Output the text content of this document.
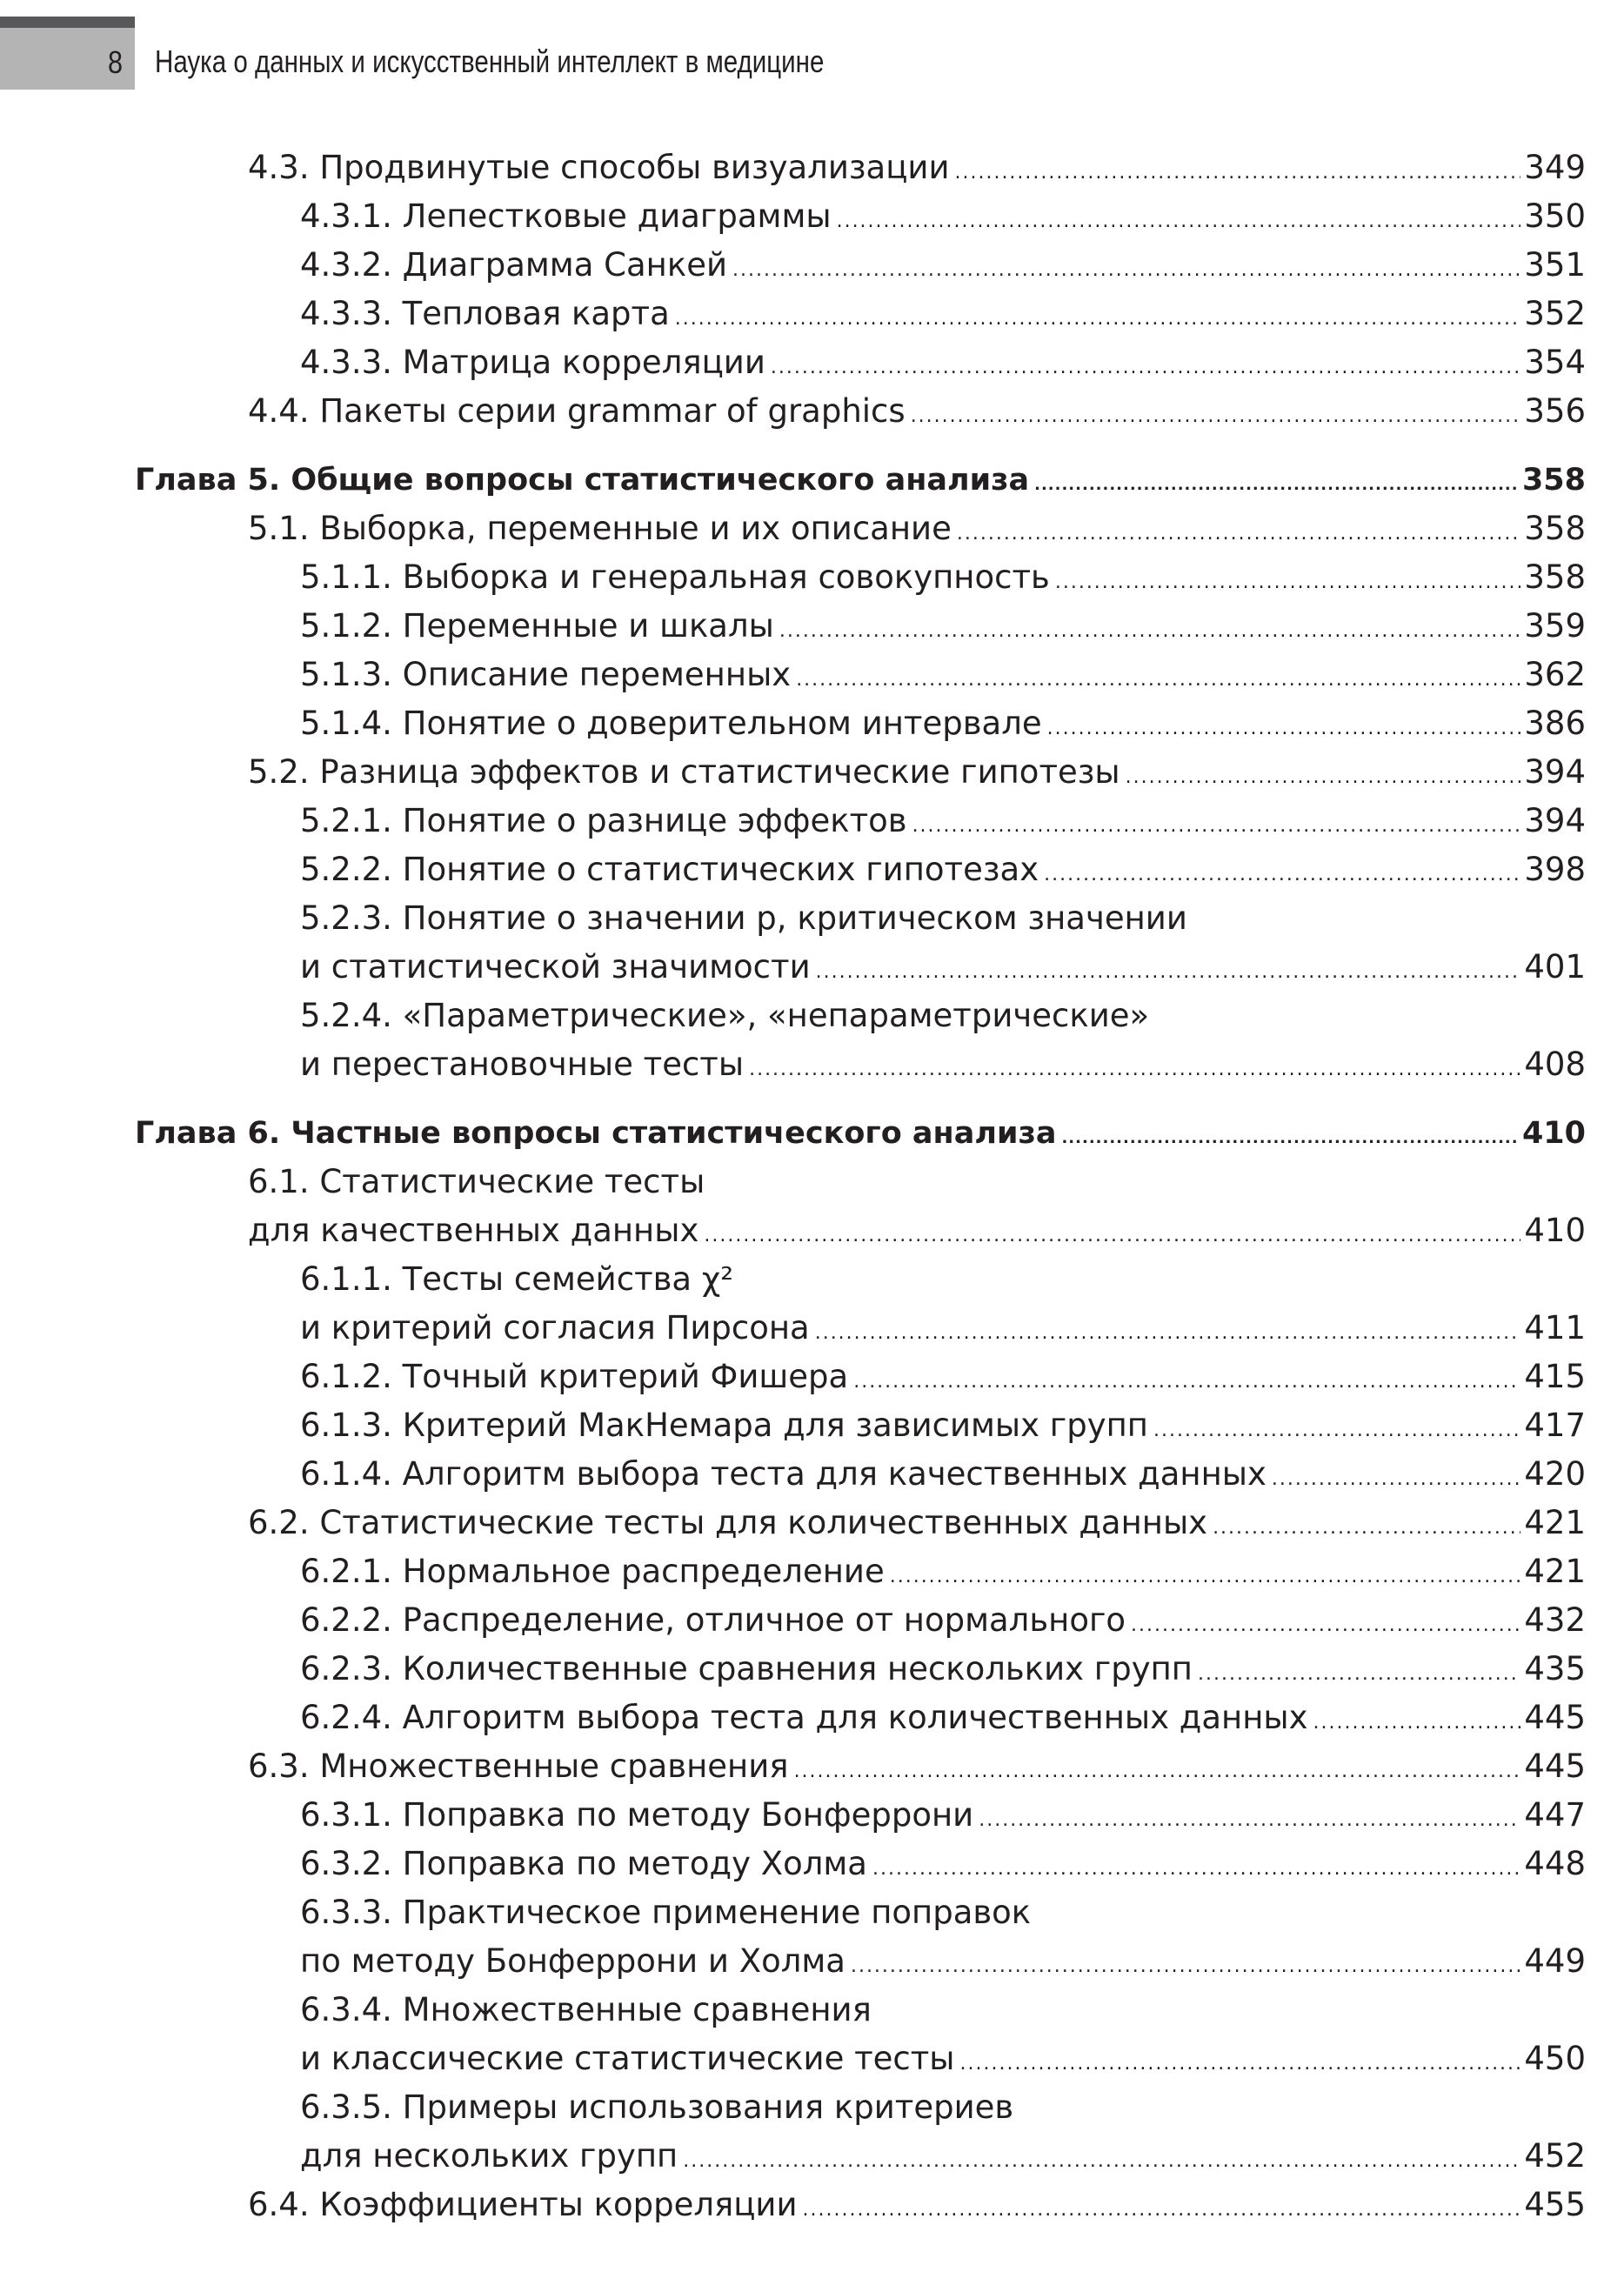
8 Наука о данных и искусственный интеллект в медицине
4.3. Продвинутые способы визуализации .....	349
4.3.1. Лепестковые диаграммы .....	350
4.3.2. Диаграмма Санкей .....	351
4.3.3. Тепловая карта .....	352
4.3.3. Матрица корреляции .....	354
4.4. Пакеты серии grammar of graphics .....	356
Глава 5. Общие вопросы статистического анализа .....	358
5.1. Выборка, переменные и их описание .....	358
5.1.1. Выборка и генеральная совокупность .....	358
5.1.2. Переменные и шкалы .....	359
5.1.3. Описание переменных .....	362
5.1.4. Понятие о доверительном интервале .....	386
5.2. Разница эффектов и статистические гипотезы .....	394
5.2.1. Понятие о разнице эффектов .....	394
5.2.2. Понятие о статистических гипотезах .....	398
5.2.3. Понятие о значении p, критическом значении
и статистической значимости .....	401
5.2.4. «Параметрические», «непараметрические»
и перестановочные тесты .....	408
Глава 6. Частные вопросы статистического анализа .....	410
6.1. Статистические тесты
для качественных данных .....	410
6.1.1. Тесты семейства χ²
и критерий согласия Пирсона .....	411
6.1.2. Точный критерий Фишера .....	415
6.1.3. Критерий МакНемара для зависимых групп .....	417
6.1.4. Алгоритм выбора теста для качественных данных .....	420
6.2. Статистические тесты для количественных данных .....	421
6.2.1. Нормальное распределение .....	421
6.2.2. Распределение, отличное от нормального .....	432
6.2.3. Количественные сравнения нескольких групп .....	435
6.2.4. Алгоритм выбора теста для количественных данных .....	445
6.3. Множественные сравнения .....	445
6.3.1. Поправка по методу Бонферрони .....	447
6.3.2. Поправка по методу Холма .....	448
6.3.3. Практическое применение поправок
по методу Бонферрони и Холма .....	449
6.3.4. Множественные сравнения
и классические статистические тесты .....	450
6.3.5. Примеры использования критериев
для нескольких групп .....	452
6.4. Коэффициенты корреляции .....	455
